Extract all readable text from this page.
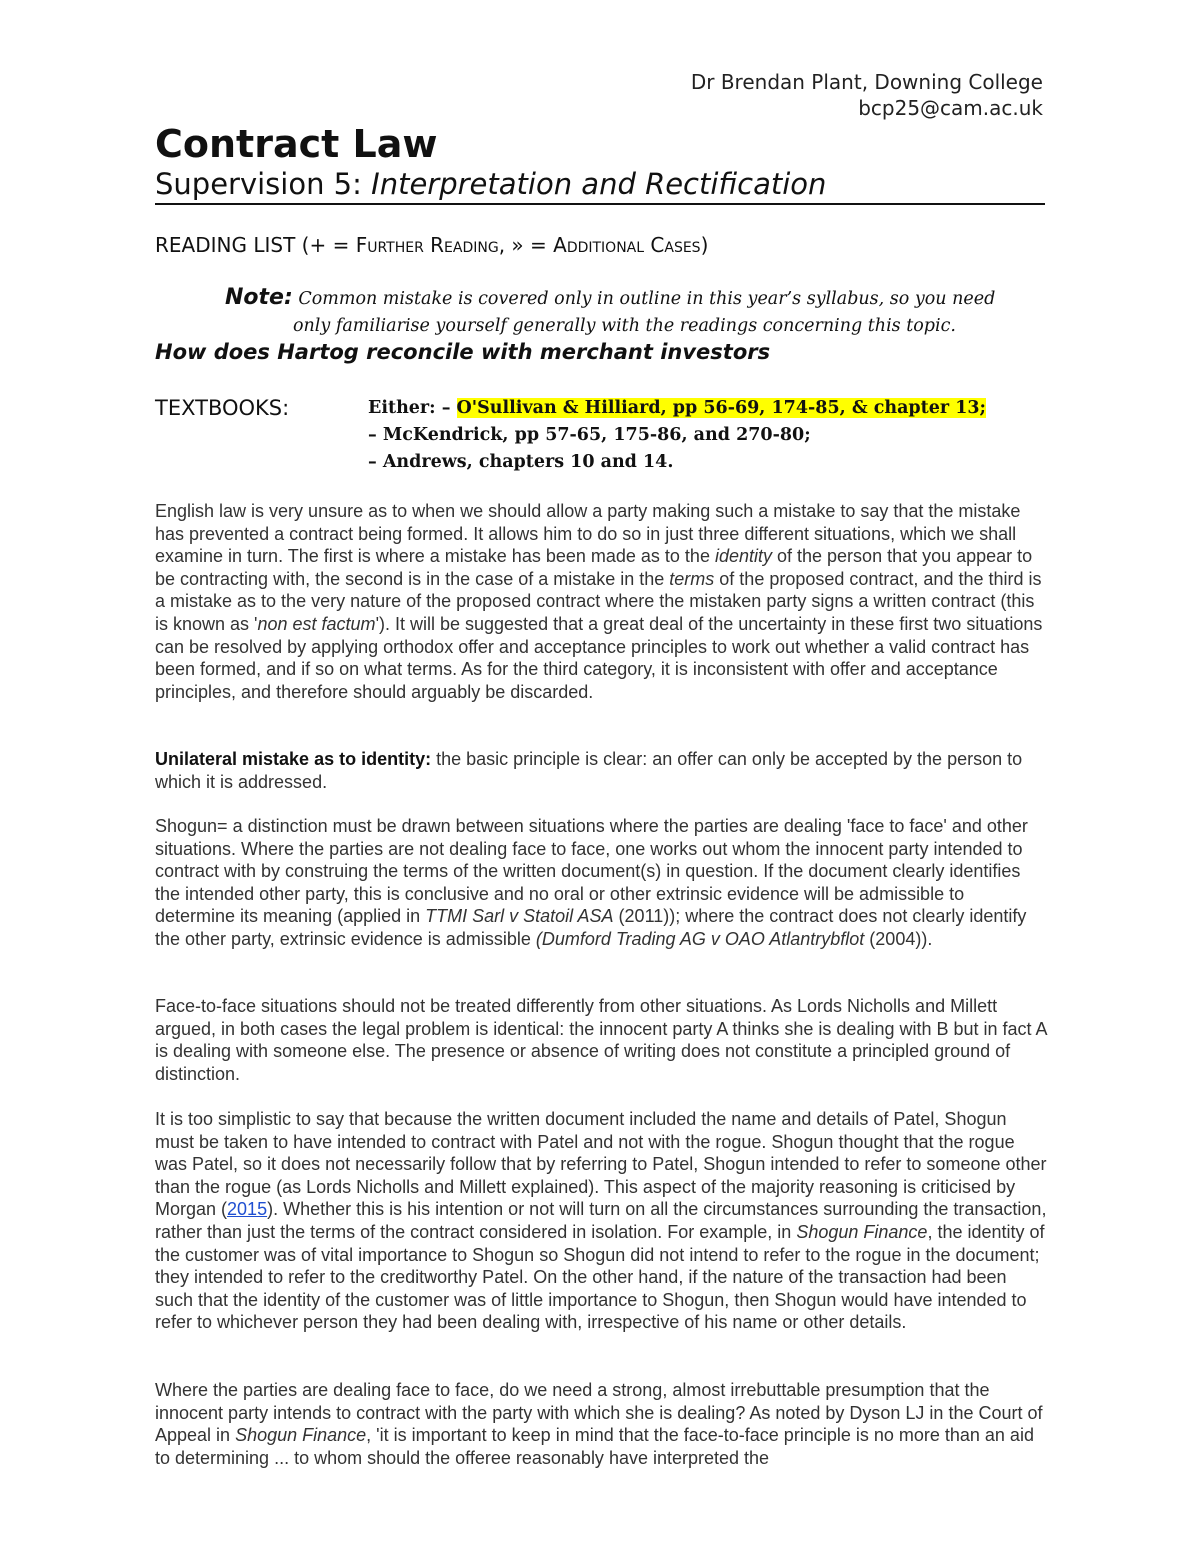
Dr Brendan Plant, Downing College
bcp25@cam.ac.uk
Contract Law
Supervision 5: Interpretation and Rectification
READING LIST (+ = Further Reading, » = Additional Cases)
Note: Common mistake is covered only in outline in this year’s syllabus, so you need
only familiarise yourself generally with the readings concerning this topic.
How does Hartog reconcile with merchant investors
TEXTBOOKS:	Either: – O'Sullivan & Hilliard, pp 56-69, 174-85, & chapter 13;
– McKendrick, pp 57-65, 175-86, and 270-80;
– Andrews, chapters 10 and 14.
English law is very unsure as to when we should allow a party making such a mistake to say that the mistake has prevented a contract being formed. It allows him to do so in just three different situations, which we shall examine in turn. The first is where a mistake has been made as to the identity of the person that you appear to be contracting with, the second is in the case of a mistake in the terms of the proposed contract, and the third is a mistake as to the very nature of the proposed contract where the mistaken party signs a written contract (this is known as 'non est factum'). It will be suggested that a great deal of the uncertainty in these first two situations can be resolved by applying orthodox offer and acceptance principles to work out whether a valid contract has been formed, and if so on what terms. As for the third category, it is inconsistent with offer and acceptance principles, and therefore should arguably be discarded.
Unilateral mistake as to identity: the basic principle is clear: an offer can only be accepted by the person to which it is addressed.
Shogun= a distinction must be drawn between situations where the parties are dealing 'face to face' and other situations. Where the parties are not dealing face to face, one works out whom the innocent party intended to contract with by construing the terms of the written document(s) in question. If the document clearly identifies the intended other party, this is conclusive and no oral or other extrinsic evidence will be admissible to determine its meaning (applied in TTMI Sarl v Statoil ASA (2011)); where the contract does not clearly identify the other party, extrinsic evidence is admissible (Dumford Trading AG v OAO Atlantrybflot (2004)).
Face-to-face situations should not be treated differently from other situations. As Lords Nicholls and Millett argued, in both cases the legal problem is identical: the innocent party A thinks she is dealing with B but in fact A is dealing with someone else. The presence or absence of writing does not constitute a principled ground of distinction.
It is too simplistic to say that because the written document included the name and details of Patel, Shogun must be taken to have intended to contract with Patel and not with the rogue. Shogun thought that the rogue was Patel, so it does not necessarily follow that by referring to Patel, Shogun intended to refer to someone other than the rogue (as Lords Nicholls and Millett explained). This aspect of the majority reasoning is criticised by Morgan (2015). Whether this is his intention or not will turn on all the circumstances surrounding the transaction, rather than just the terms of the contract considered in isolation. For example, in Shogun Finance, the identity of the customer was of vital importance to Shogun so Shogun did not intend to refer to the rogue in the document; they intended to refer to the creditworthy Patel. On the other hand, if the nature of the transaction had been such that the identity of the customer was of little importance to Shogun, then Shogun would have intended to refer to whichever person they had been dealing with, irrespective of his name or other details.
Where the parties are dealing face to face, do we need a strong, almost irrebuttable presumption that the innocent party intends to contract with the party with which she is dealing? As noted by Dyson LJ in the Court of Appeal in Shogun Finance, 'it is important to keep in mind that the face-to-face principle is no more than an aid to determining ... to whom should the offeree reasonably have interpreted the
